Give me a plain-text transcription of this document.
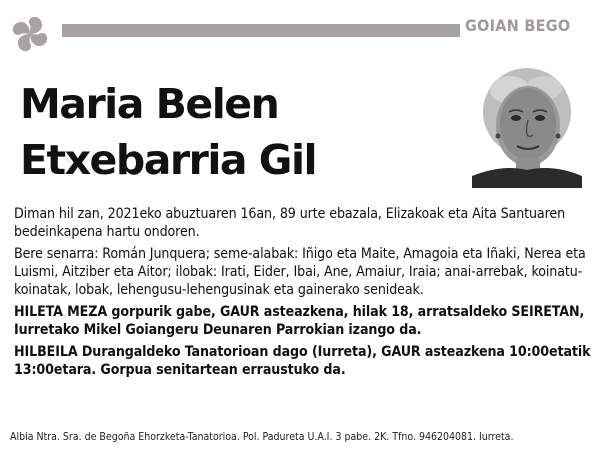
GOIAN BEGO
Maria Belen
Etxebarria Gil

Diman hil zan, 2021eko abuztuaren 16an, 89 urte ebazala, Elizakoak eta Aita Santuaren bedeinkapena hartu ondoren.

Bere senarra: Román Junquera; seme-alabak: Iñigo eta Maite, Amagoia eta Iñaki, Nerea eta Luismi, Aitziber eta Aitor; ilobak: Irati, Eider, Ibai, Ane, Amaiur, Iraia; anai-arrebak, koinatu-koinatak, lobak, lehengusu-lehengusinak eta gainerako senideak.

HILETA MEZA gorpurik gabe, GAUR asteazkena, hilak 18, arratsaldeko SEIRETAN, Iurretako Mikel Goiangeru Deunaren Parrokian izango da.

HILBEILA Durangaldeko Tanatorioan dago (Iurreta), GAUR asteazkena 10:00etatik 13:00etara. Gorpua senitartean erraustuko da.

Albia Ntra. Sra. de Begoña Ehorzketa-Tanatorioa. Pol. Padureta U.A.I. 3 pabe. 2K. Tfno. 946204081. Iurreta.
